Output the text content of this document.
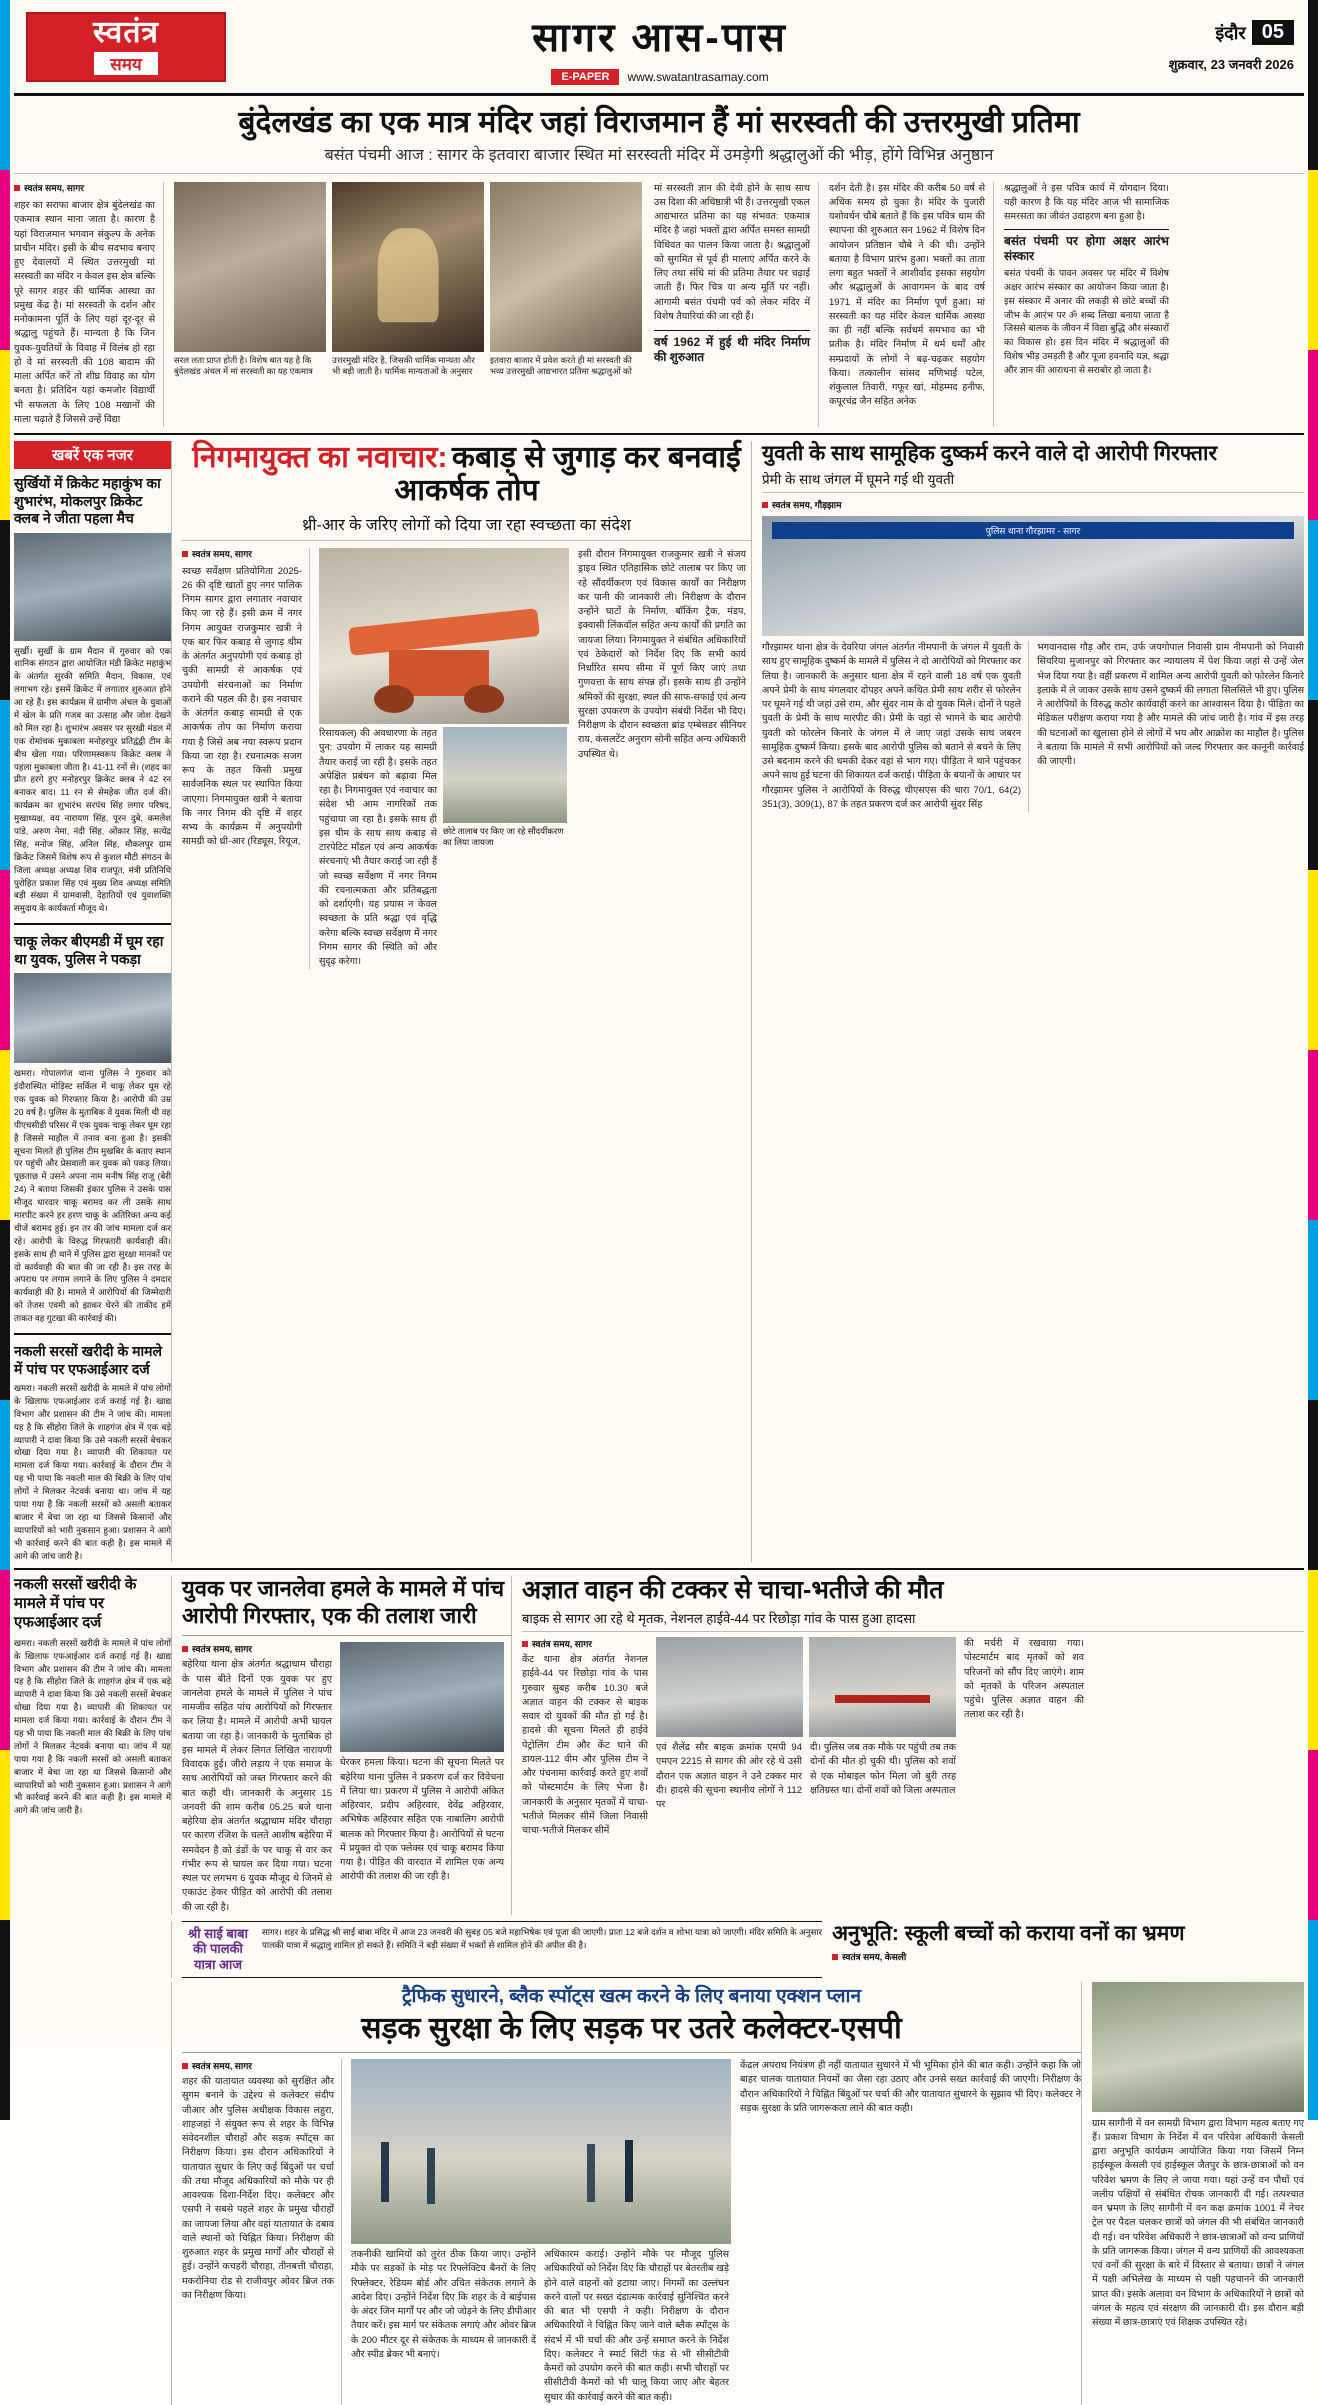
स्वतंत्र
समय
सागर आस-पास
E-PAPER	www.swatantrasamay.com
इंदौर 05
शुक्रवार, 23 जनवरी 2026
बुंदेलखंड का एक मात्र मंदिर जहां विराजमान हैं मां सरस्वती की उत्तरमुखी प्रतिमा
बसंत पंचमी आज : सागर के इतवारा बाजार स्थित मां सरस्वती मंदिर में उमड़ेगी श्रद्धालुओं की भीड़, होंगे विभिन्न अनुष्ठान
स्वतंत्र समय, सागर
शहर का सराफा बाजार क्षेत्र बुंदेलखंड का एकमात्र स्थान माना जाता है। कारण है यहां विराजमान भगवान संकुल्प के अनेक प्राचीन मंदिर। इसी के बीच सदभाव बनाए हुए देवालयों में स्थित उत्तरमुखी मां सरस्वती का मंदिर न केवल इस क्षेत्र बल्कि पूरे सागर शहर की धार्मिक आस्था का प्रमुख केंद्र है। मां सरस्वती के दर्शन और मनोकामना पूर्ति के लिए यहां दूर-दूर से श्रद्धालु पहुंचते हैं। मान्यता है कि जिन युवक-युवतियों के विवाह में विलंब हो रहा हो वे मां सरस्वती की 108 बादाम की माला अर्पित करें तो शीघ्र विवाह का योग बनता है। प्रतिदिन यहां कमजोर विद्यार्थी भी सफलता के लिए 108 मखानों की माला चढ़ाते हैं जिससे उन्हें विद्या
सरल लता प्राप्त होती है। विशेष बात यह है कि बुंदेलखंड अंचल में मां सरस्वती का यह एकमात्र
उत्तरमुखी मंदिर है, जिसकी धार्मिक मान्यता और भी बड़ी जाती है। धार्मिक मान्यताओं के अनुसार
इतवारा बाजार में प्रवेश करते ही मां सरस्वती की भव्य उत्तरमुखी आद्यभारत प्रतिमा श्रद्धालुओं को
मां सरस्वती ज्ञान की देवी होने के साथ साथ उस दिशा की अधिष्ठात्री भी हैं। उत्तरमुखी एकल आद्यभारत प्रतिमा का यह संभवत: एकमात्र मंदिर है जहां भक्तों द्वारा अर्पित समस्त सामग्री विधिवत का पालन किया जाता है। श्रद्धालुओं को सुगमित से पूर्व ही मालाएं अर्पित करने के लिए तथा संधि मां की प्रतिमा तैयार पर चढ़ाई जाती हैं। फिर चित्र या अन्य मूर्ति पर नहीं। आगामी बसंत पंचमी पर्व को लेकर मंदिर में विशेष तैयारियां की जा रही हैं।
वर्ष 1962 में हुई थी मंदिर निर्माण की शुरुआत
दर्शन देती है। इस मंदिर की करीब 50 वर्ष से अधिक समय हो चुका है। मंदिर के पुजारी यशोवर्धन चौबे बताते हैं कि इस पवित्र धाम की स्थापना की शुरुआत सन 1962 में विशेष दिन आयोजन प्रतिष्ठान चौबे ने की थी। उन्होंने बताया है विभाग प्रारंभ हुआ। भक्तों का ताता लगा बहुत भक्तों ने आशीर्वाद इसका सहयोग और श्रद्धालुओं के आवागमन के बाद वर्ष 1971 में मंदिर का निर्माण पूर्ण हुआ। मां सरस्वती का यह मंदिर केवल धार्मिक आस्था का ही नहीं बल्कि सर्वधर्म समभाव का भी प्रतीक है। मंदिर निर्माण में धर्म धर्मों और सम्प्रदायों के लोगों ने बढ़-चढ़कर सहयोग किया। तत्कालीन सांसद मणिभाई पटेल, शंकुलाल तिवारी, गफूर खां, मोहम्मद हनीफ, कपूरचंद्र जैन सहित अनेक
श्रद्धालुओं ने इस पवित्र कार्य में योगदान दिया। यही कारण है कि यह मंदिर आज भी सामाजिक समरसता का जीवंत उदाहरण बना हुआ है।
बसंत पंचमी पर होगा अक्षर आरंभ संस्कार
बसंत पंचमी के पावन अवसर पर मंदिर में विशेष अक्षर आरंभ संस्कार का आयोजन किया जाता है। इस संस्कार में अनार की लकड़ी से छोटे बच्चों की जीभ के आरंभ पर ॐ शब्द लिखा बनाया जाता है जिससे बालक के जीवन में विद्या बुद्धि और संस्कारों का विकास हो। इस दिन मंदिर में श्रद्धालुओं की विशेष भीड़ उमड़ती है और पूजा हवनादि यज्ञ, श्रद्धा और ज्ञान की आराधना से सराबोर हो जाता है।
खबरें एक नजर
सुर्खियों में क्रिकेट महाकुंभ का शुभारंभ, मोकलपुर क्रिकेट क्लब ने जीता पहला मैच
सुर्खी। सुर्खी के ग्राम मैदान में गुरुवार को एक शानिक संगठन द्वारा आयोजित मंडी क्रिकेट महाकुंभ के अंतर्गत सुरकी समिति मैदान, विकास, एवं लगाभग रहे। इसमें क्रिकेट में लगातार शुरुआत होने आ रहे हैं। इस कार्यक्रम में ग्रामीण अंचल के युवाओं में खेल के प्रति गजब का उत्साह और जोश देखने को मिल रहा है। शुभारंभ अवसर पर सुरखी मंडल में एक रोमांचक मुकाबला मनोहरपुर प्रतिद्वंद्वी टीम के बीच खेला गया। परिणामस्वरूप किक्रेट क्लब ने पहला मुकाबला जीता है। 41-11 रनों से। (शहद का प्रीत हरगे हुए मनोहरपुर क्रिकेट क्लब ने 42 रन बनाकर बाद। 11 रन से सेमहेक जीत दर्ज की। कार्यक्रम का शुभारंभ सरपंच सिंह लगार परिषद, मुखाध्यक्ष, वय नारायण सिंह, पूरन दुबे, कमलेश पांडे, अरुण नेमा, नंदी सिंह, ओंकार सिंह, सत्येंद्र सिंह, मनोज सिंह, अनिल सिंह, मौकलपुर ग्राम क्रिकेट जिसमें विशेष रूप से कुशल मौटी संगठन के जिला अध्यक्ष अध्यक्ष शिव राजपूत, मंत्री प्रतिनिधि पुरोहित प्रकाश सिंह एवं मुख्य शिव अध्यक्ष समिति बड़ी संख्या में ग्रामवासी, देहातियों एवं युवाशक्ति समुदाय के कार्यकर्ता मौजूद थे।
चाकू लेकर बीएमडी में घूम रहा था युवक, पुलिस ने पकड़ा
खमरा। गोपालगंज थाना पुलिस ने गुरुवार को इंदौरास्थित मोड़िस्ट सर्किल में चाकू लेकर घूम रहे एक युवक को गिरफ्तार किया है। आरोपी की उम्र 20 वर्ष है। पुलिस के मुताबिक वे युवक मिली थी वह पीएचसीडी परिसर में एक युवक चाकू लेकर घूम रहा है जिससे माहौल में तनाव बना हुआ है। इसकी सूचना मिलते ही पुलिस टीम मुखबिर के बताए स्थान पर पहुंची और प्रेसवाली कर युवक को पकड़ लिया। पूछताछ में उसने अपना नाम मनीष सिंह राजू (बेरी 24) ने बताया जिसकी इंकार पुलिस ने उसके पास मौजूद धारदार चाकू बरामद कर ली उसके साथ मारपीट करने हर हरण चाकू के अतिरिक्त अन्य कई चीजें बरामद हुई। इन तर की जांच मामला दर्ज कर रहे। आरोपी के विरुद्ध गिरफ्तारी कार्यवाही की। इसके साथ ही थाने में पुलिस द्वारा सुरक्षा मानकों पर दो कार्यवाही की बात की जा रही है। इस तरह के अपराध पर लगाम लगाने के लिए पुलिस ने दमदार कार्यवाही की है। मामले में आरोपियों की जिम्मेदारी को तेजस एवमी को झाकर घेरने की ताकीद हमें ताकत वह गुटखा की कार्रवाई की।
नकली सरसों खरीदी के मामले में पांच पर एफआईआर दर्ज
खमरा। नकली सरसों खरीदी के मामले में पांच लोगों के खिलाफ एफआईआर दर्ज कराई गई है। खाद्य विभाग और प्रशासन की टीम ने जांच की। मामला यह है कि सीहोरा जिले के शाहगंज क्षेत्र में एक बड़े व्यापारी ने दावा किया कि उसे नकली सरसों बेचकर धोखा दिया गया है। व्यापारी की शिकायत पर मामला दर्ज किया गया। कार्रवाई के दौरान टीम ने यह भी पाया कि नकली माल की बिक्री के लिए पांच लोगों ने मिलकर नेटवर्क बनाया था। जांच में यह पाया गया है कि नकली सरसों को असली बताकर बाजार में बेचा जा रहा था जिससे किसानों और व्यापारियों को भारी नुकसान हुआ। प्रशासन ने आगे भी कार्रवाई करने की बात कही है। इस मामले में आगे की जांच जारी है।
निगमायुक्त का नवाचार: कबाड़ से जुगाड़ कर बनवाई आकर्षक तोप
थ्री-आर के जरिए लोगों को दिया जा रहा स्वच्छता का संदेश
स्वतंत्र समय, सागर
स्वच्छ सर्वेक्षण प्रतियोगिता 2025-26 की दृष्टि खातों हुए नगर पालिक निगम सागर द्वारा लगातार नवाचार किए जा रहे हैं। इसी क्रम में नगर निगम आयुक्त राजकुमार खत्री ने एक बार फिर कबाड़ से जुगाड़ थीम के अंतर्गत अनुपयोगी एवं कबाड़ हो चुकी सामग्री से आकर्षक एवं उपयोगी संरचनाओं का निर्माण कराने की पहल की है। इस नवाचार के अंतर्गत कबाड़ सामग्री से एक आकर्षक तोप का निर्माण कराया गया है जिसे अब नया स्वरूप प्रदान किया जा रहा है। रचनात्मक सजग रूप के तहत किसी प्रमुख सार्वजनिक स्थल पर स्थापित किया जाएगा। निगमायुक्त खत्री ने बताया कि नगर निगम की दृष्टि में शहर सभ्य के कार्यक्रम में अनुपयोगी सामग्री को थ्री-आर (रिड्यूस, रियूज,
रिसायकल) की अवधारणा के तहत पुन: उपयोग में लाकर यह सामग्री तैयार कराई जा रही है। इसके तहत अपेक्षित प्रबंधन को बढ़ावा मिल रहा है। निगमायुक्त एवं नवाचार का संदेश भी आम नागरिकों तक पहुंचाया जा रहा है। इसके साथ ही इस थीम के साथ साथ कबाड़ से टारपेटिट मॉडल एवं अन्य आकर्षक संरचनाएं भी तैयार कराई जा रही हैं जो स्वच्छ सर्वेक्षण में नगर निगम की रचनात्मकता और प्रतिबद्धता को दर्शाएंगी। यह प्रयास न केवल स्वच्छता के प्रति श्रद्धा एवं वृद्धि करेगा बल्कि स्वच्छ सर्वेक्षण में नगर निगम सागर की स्थिति को और सुदृढ़ करेगा।
छोटे तालाब पर किए जा रहे सौंदर्यीकरण का लिया जायजा
इसी दौरान निगमायुक्त राजकुमार खत्री ने संजय ड्राइव स्थित एतिहासिक छोटे तालाब पर किए जा रहे सौंदर्यीकरण एवं विकास कार्यों का निरीक्षण कर पानी की जानकारी ली। निरीक्षण के दौरान उन्होंने घाटों के निर्माण, बॉकिंग ट्रैक, मंडप, इक्वासी लिंकवॉल सहित अन्य कार्यों की प्रगति का जायजा लिया। निगमायुक्त ने संबंधित अधिकारियों एवं ठेकेदारों को निर्देश दिए कि सभी कार्य निर्धारित समय सीमा में पूर्ण किए जाएं तथा गुणवत्ता के साथ संपन्न हों। इसके साथ ही उन्होंने श्रमिकों की सुरक्षा, स्थल की साफ-सफाई एवं अन्य सुरक्षा उपकरण के उपयोग संबंधी निर्देश भी दिए। निरीक्षण के दौरान स्वच्छता ब्रांड एम्बेसडर सीनियर राय, कंसलटेंट अनुराग सोनी सहित अन्य अधिकारी उपस्थित थे।
युवती के साथ सामूहिक दुष्कर्म करने वाले दो आरोपी गिरफ्तार
प्रेमी के साथ जंगल में घूमने गई थी युवती
स्वतंत्र समय, गौड़झाम
पुलिस थाना गौरझामर - सागर
गौरझामर थाना क्षेत्र के देवरिया जंगल अंतर्गत नीमपानी के जंगल में युवती के साथ हुए सामूहिक दुष्कर्म के मामले में पुलिस ने दो आरोपियों को गिरफ्तार कर लिया है। जानकारी के अनुसार थाना क्षेत्र में रहने वाली 18 वर्ष एक युवती अपने प्रेमी के साथ मंगलवार दोपहर अपने कथित प्रेमी साथ शरीर से फोरलेन पर घूमने गई थी जहां उसे राम, और सुंदर नाम के दो युवक मिले। दोनों ने पहले युवती के प्रेमी के साथ मारपीट की। प्रेमी के वहां से भागने के बाद आरोपी युवती को फोरलेन किनारे के जंगल में ले जाए जहां उसके साथ जबरन सामूहिक दुष्कर्म किया। इसके बाद आरोपी पुलिस को बताने से बचने के लिए उसे बदनाम करने की धमकी देकर वहां से भाग गए। पीड़िता ने थाने पहुंचकर अपने साथ हुई घटना की शिकायत दर्ज कराई। पीड़िता के बयानों के आधार पर गौरझामर पुलिस ने आरोपियों के विरुद्ध थीएसएस की धारा 70/1, 64(2) 351(3), 309(1), 87 के तहत प्रकरण दर्ज कर आरोपी सुंदर सिंह
भगवानदास गौड़ और राम, उर्फ जयगोपाल निवासी ग्राम नीमपानी को निवासी सियरिया मुजानपुर को गिरफ्तार कर न्यायालय में पेश किया जहां से उन्हें जेल भेज दिया गया है। वहीं प्रकरण में शामिल अन्य आरोपी युवती को फोरलेन किनारे इलाके में ले जाकर उसके साथ उसने दुष्कर्म की लगाता सिलसिले भी हुए। पुलिस ने आरोपियों के विरुद्ध कठोर कार्यवाही करने का आश्वासन दिया है। पीड़िता का मेडिकल परीक्षण कराया गया है और मामले की जांच जारी है। गांव में इस तरह की घटनाओं का खुलासा होने से लोगों में भय और आक्रोश का माहौल है। पुलिस ने बताया कि मामले में सभी आरोपियों को जल्द गिरफ्तार कर कानूनी कार्रवाई की जाएगी।
नकली सरसों खरीदी के मामले में पांच पर एफआईआर दर्ज
खमरा। नकली सरसों खरीदी के मामले में पांच लोगों के खिलाफ एफआईआर दर्ज कराई गई है। खाद्य विभाग और प्रशासन की टीम ने जांच की। मामला यह है कि सीहोरा जिले के शाहगंज क्षेत्र में एक बड़े व्यापारी ने दावा किया कि उसे नकली सरसों बेचकर धोखा दिया गया है। व्यापारी की शिकायत पर मामला दर्ज किया गया। कार्रवाई के दौरान टीम ने यह भी पाया कि नकली माल की बिक्री के लिए पांच लोगों ने मिलकर नेटवर्क बनाया था। जांच में यह पाया गया है कि नकली सरसों को असली बताकर बाजार में बेचा जा रहा था जिससे किसानों और व्यापारियों को भारी नुकसान हुआ। प्रशासन ने आगे भी कार्रवाई करने की बात कही है। इस मामले में आगे की जांच जारी है।
युवक पर जानलेवा हमले के मामले में पांच आरोपी गिरफ्तार, एक की तलाश जारी
स्वतंत्र समय, सागर
बहेरिया थाना क्षेत्र अंतर्गत श्रद्धाधाम चौराहा के पास बीते दिनों एक युवक पर हुए जानलेवा हमले के मामले में पुलिस ने पांच नामजीव सहित पांच आरोपियों को गिरफ्तार कर लिया है। मामले में आरोपी अभी घायल बताया जा रहा है। जानकारी के मुताबिक हो इस मामले में लेकर लिगत लिखित नारायणी विवादक हुई। जीरो लड़ाय ने एक समाज के साथ आरोपियों को जब्त गिरफ्तार करने की बात कही थी। जानकारी के अनुसार 15 जनवरी की शाम करीब 05.25 बजे थाना बहेरिया क्षेत्र अंतर्गत श्रद्धाधाम मंदिर चौराहा पर कारण रंजिश के चलते आशीष बहेरिया में समवेदन है को डंडों के पर चाकू से वार कर गंभीर रूप से घायल कर दिया गया। घटना स्थल पर लगभग 6 युवक मौजूद थे जिनमें से एकाउंट हेकर पीड़ित को आरोपी की तलाश की जा रही है।
घेरकर हमला किया। घटना की सूचना मिलते पर बहेरिया थाना पुलिस ने प्रकरण दर्ज कर विवेचना में लिया था। प्रकरण में पुलिस ने आरोपी अंकित अहिरवार, प्रदीप अहिरवार, देवेंद्र अहिरवार, अभिषेक अहिरवार सहित एक नाबालिग आरोपी बालक को गिरफ्तार किया है। आरोपियों से घटना में प्रयुक्त दो एक फ्लेक्स एवं चाकू बरामद किया गया है। पीड़ित की वारदात में शामिल एक अन्य आरोपी की तलाश की जा रही है।
अज्ञात वाहन की टक्कर से चाचा-भतीजे की मौत
बाइक से सागर आ रहे थे मृतक, नेशनल हाईवे-44 पर रिछोड़ा गांव के पास हुआ हादसा
स्वतंत्र समय, सागर
केंट थाना क्षेत्र अंतर्गत नेशनल हाईवे-44 पर रिछोड़ा गांव के पास गुरुवार सुबह करीब 10.30 बजे अज्ञात वाहन की टक्कर से बाइक सवार दो युवकों की मौत हो गई है। हादसे की सूचना मिलते ही हाईवे पेट्रोलिंग टीम और केंट थाने की डायल-112 वीम और पुलिस टीम ने और पंचनामा कार्रवाई करते हुए शवों को पोस्टमार्टम के लिए भेजा है। जानकारी के अनुसार मृतकों में चाचा-भतीजे मिलकर सीमें जिला निवासी चाचा-भतीजे मिलकर सीमें
एवं शैलेंद्र सौर बाइक क्रमांक एमपी 94 एमएन 2215 से सागर की ओर रहे थे उसी दौरान एक अज्ञात वाहन ने उनेे टक्कर मार दी। हादसे की सूचना स्थानीय लोगों ने 112 पर
दी। पुलिस जब तक मौके पर पहुंची तब तक दोनों की मौत हो चुकी थी। पुलिस को शवों से एक मोबाइल फोन मिला जो बुरी तरह क्षतिग्रस्त था। दोनों शवों को जिला अस्पताल
की मर्चरी में रखवाया गया। पोस्टमार्टम बाद मृतकों को शव परिजनों को सौंप दिए जाएंगे। शाम को मृतकों के परिजन अस्पताल पहुंचे। पुलिस अज्ञात वाहन की तलाश कर रही है।
श्री साई बाबा की पालकी यात्रा आज
सागर। शहर के प्रसिद्ध श्री साईं बाबा मंदिर में आज 23 जनवरी की सुबह 05 बजे महाभिषेक एवं पूजा की जाएगी। प्रातः 12 बजे दर्शन व शोभा यात्रा को जाएगी। मंदिर समिति के अनुसार पालकी यात्रा में श्रद्धालु शामिल हो सकते हैं। समिति ने बड़ी संख्या में भक्तों से शामिल होने की अपील की है।	अनुभूति: स्कूली बच्चों को कराया वनों का भ्रमण
स्वतंत्र समय, केसली
ट्रैफिक सुधारने, ब्लैक स्पॉट्स खत्म करने के लिए बनाया एक्शन प्लान
सड़क सुरक्षा के लिए सड़क पर उतरे कलेक्टर-एसपी
स्वतंत्र समय, सागर
शहर की यातायात व्यवस्था को सुरक्षित और सुगम बनाने के उद्देश्य से कलेक्टर संदीप जीआर और पुलिस अधीक्षक विकास लहुरा, शाहजहां ने संयुक्त रूप से शहर के विभिन्न संवेदनशील चौराहों और सड़क स्पॉट्स का निरीक्षण किया। इस दौरान अधिकारियों ने यातायात सुधार के लिए कई बिंदुओं पर चर्चा की तथा मौजूद अधिकारियों को मौके पर ही आवश्यक दिशा-निर्देश दिए। कलेक्टर और एसपी ने सबसे पहले शहर के प्रमुख चौराहों का जायजा लिया और वहां यातायात के दबाव वाले स्थानों को चिह्नित किया। निरीक्षण की शुरुआत शहर के प्रमुख मार्गों और चौराहों से हुई। उन्होंने कचहरी चौराहा, तीनबत्ती चौराहा, मकरोनिया रोड से राजीवपुर ओवर ब्रिज तक का निरीक्षण किया।
तकनीकी खामियों को तुरंत ठीक किया जाए। उन्होंने मौके पर सड़कों के मोड़ पर रिफ्लेक्टिव बैनरों के लिए रिफ्लेक्टर, रेडियम बोर्ड और उचित संकेतक लगाने के आदेश दिए। उन्होंने निर्देश दिए कि शहर के वे बाईपास के अंदर जिन मार्गों पर और जो जोड़ने के लिए डीपीआर तैयार करें। इस मार्ग पर संकेतक लगाएं और ओवर ब्रिज के 200 मीटर दूर से संकेतक के माध्यम से जानकारी दें और स्पीड ब्रेकर भी बनाएं।
अधिकारम कराई। उन्होंने मौके पर मौजूद पुलिस अधिकारियों को निर्देश दिए कि चौराहों पर बेतरतीब खड़े होने वाले वाहनों को हटाया जाए। निगमों का उल्लंघन करने वालों पर सख्त दंडात्मक कार्रवाई सुनिश्चित करने की बात भी एसपी ने कही। निरीक्षण के दौरान अधिकारियों ने चिह्नित किए जाने वाले ब्लैक स्पॉट्स के संदर्भ में भी चर्चा की और उन्हें समाप्त करने के निर्देश दिए। कलेक्टर ने स्मार्ट सिटी फंड से भी सीसीटीवी कैमरों को उपयोग करने की बात कही। सभी चौराहों पर सीसीटीवी कैमरों को भी चालू किया जाए और बेहतर सुधार की कार्रवाई करने की बात कही।
केंद्रल अपराध नियंत्रण ही नहीं यातायात सुधारने में भी भूमिका होने की बात कही। उन्होंने कहा कि जो बाहर चालक यातायात नियमों का जैसा रहा उठाए और उनसे सख्त कार्रवाई की जाएगी। निरीक्षण के दौरान अधिकारियों ने चिह्नित बिंदुओं पर चर्चा की और यातायात सुधारने के सुझाव भी दिए। कलेक्टर ने सड़क सुरक्षा के प्रति जागरूकता लाने की बात कही।
ग्राम सागौनी में वन सामग्री विभाग द्वारा विभाग महत्व बताए गए हैं। प्रकाश विभाग के निर्देश में वन परिवेश अधिकारी केसली द्वारा अनुभूति कार्यक्रम आयोजित किया गया जिसमें निम्न हाईस्कूल केसली एवं हाईस्कूल जैतपुर के छात्र-छात्राओं को वन परिवेश भ्रमण के लिए ले जाया गया। यहां उन्हें वन पौधों एवं जलीय पक्षियों से संबंधित रोचक जानकारी दी गई। तत्पश्चात वन भ्रमण के लिए सागौनी में वन कक्ष क्रमांक 1001 में नेचर ट्रेल पर पैदल चलकर छात्रों को जंगल की भी संबंधित जानकारी दी गई। वन परिवेश अधिकारी ने छात्र-छात्राओं को वन्य प्राणियों के प्रति जागरूक किया। जंगल में वन्य प्राणियों की आवश्यकता एवं वनों की सुरक्षा के बारे में विस्तार से बताया। छात्रों ने जंगल में पक्षी अभिलेख के माध्यम से पक्षी पहचानने की जानकारी प्राप्त की। इसके अलावा वन विभाग के अधिकारियों ने छात्रों को जंगल के महत्व एवं संरक्षण की जानकारी दी। इस दौरान बड़ी संख्या में छात्र-छात्राएं एवं शिक्षक उपस्थित रहे।
